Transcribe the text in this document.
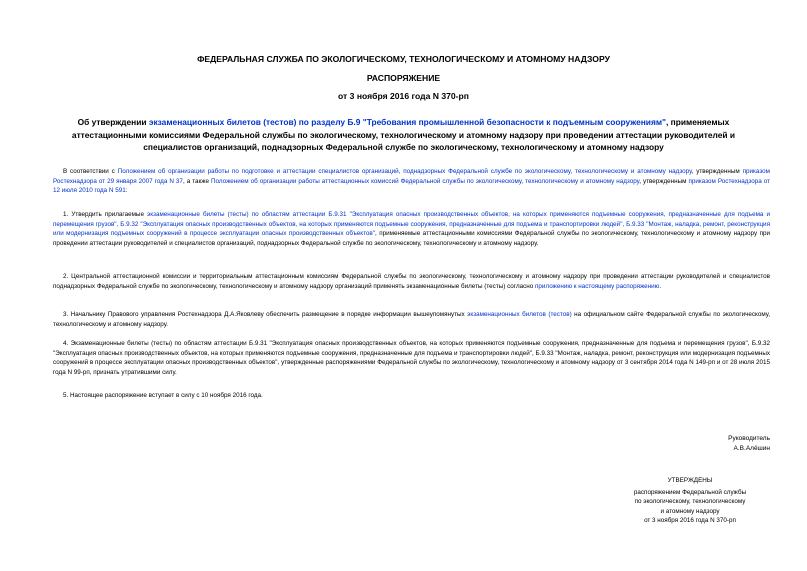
ФЕДЕРАЛЬНАЯ СЛУЖБА ПО ЭКОЛОГИЧЕСКОМУ, ТЕХНОЛОГИЧЕСКОМУ И АТОМНОМУ НАДЗОРУ
РАСПОРЯЖЕНИЕ
от 3 ноября 2016 года N 370-рп
Об утверждении экзаменационных билетов (тестов) по разделу Б.9 "Требования промышленной безопасности к подъемным сооружениям", применяемых аттестационными комиссиями Федеральной службы по экологическому, технологическому и атомному надзору при проведении аттестации руководителей и специалистов организаций, поднадзорных Федеральной службе по экологическому, технологическому и атомному надзору

В соответствии с Положением об организации работы по подготовке и аттестации специалистов организаций, поднадзорных Федеральной службе по экологическому, технологическому и атомному надзору, утвержденным приказом Ростехнадзора от 29 января 2007 года N 37, а также Положением об организации работы аттестационных комиссий Федеральной службы по экологическому, технологическому и атомному надзору, утвержденным приказом Ростехнадзора от 12 июля 2010 года N 591:

1. Утвердить прилагаемые экзаменационные билеты (тесты) по областям аттестации Б.9.31 "Эксплуатация опасных производственных объектов, на которых применяются подъемные сооружения, предназначенные для подъема и перемещения грузов", Б.9.32 "Эксплуатация опасных производственных объектов, на которых применяются подъемные сооружения, предназначенные для подъема и транспортировки людей", Б.9.33 "Монтаж, наладка, ремонт, реконструкция или модернизация подъемных сооружений в процессе эксплуатации опасных производственных объектов", применяемые аттестационными комиссиями Федеральной службы по экологическому, технологическому и атомному надзору при проведении аттестации руководителей и специалистов организаций, поднадзорных Федеральной службе по экологическому, технологическому и атомному надзору.

2. Центральной аттестационной комиссии и территориальным аттестационным комиссиям Федеральной службы по экологическому, технологическому и атомному надзору при проведении аттестации руководителей и специалистов поднадзорных Федеральной службе по экологическому, технологическому и атомному надзору организаций применять экзаменационные билеты (тесты) согласно приложению к настоящему распоряжению.

3. Начальнику Правового управления Ростехнадзора Д.А.Яковлеву обеспечить размещение в порядке информации вышеупомянутых экзаменационных билетов (тестов) на официальном сайте Федеральной службы по экологическому, технологическому и атомному надзору.

4. Экзаменационные билеты (тесты) по областям аттестации Б.9.31 "Эксплуатация опасных производственных объектов, на которых применяются подъемные сооружения, предназначенные для подъема и перемещения грузов", Б.9.32 "Эксплуатация опасных производственных объектов, на которых применяются подъемные сооружения, предназначенные для подъема и транспортировки людей", Б.9.33 "Монтаж, наладка, ремонт, реконструкция или модернизация подъемных сооружений в процессе эксплуатации опасных производственных объектов", утвержденные распоряжениями Федеральной службы по экологическому, технологическому и атомному надзору от 3 сентября 2014 года N 149-рп и от 28 июля 2015 года N 99-рп, признать утратившими силу.

5. Настоящее распоряжение вступает в силу с 10 ноября 2016 года.

Руководитель
А.В.Алёшин
УТВЕРЖДЕНЫ
распоряжением Федеральной службы
по экологическому, технологическому
и атомному надзору
от 3 ноября 2016 года N 370-рп
